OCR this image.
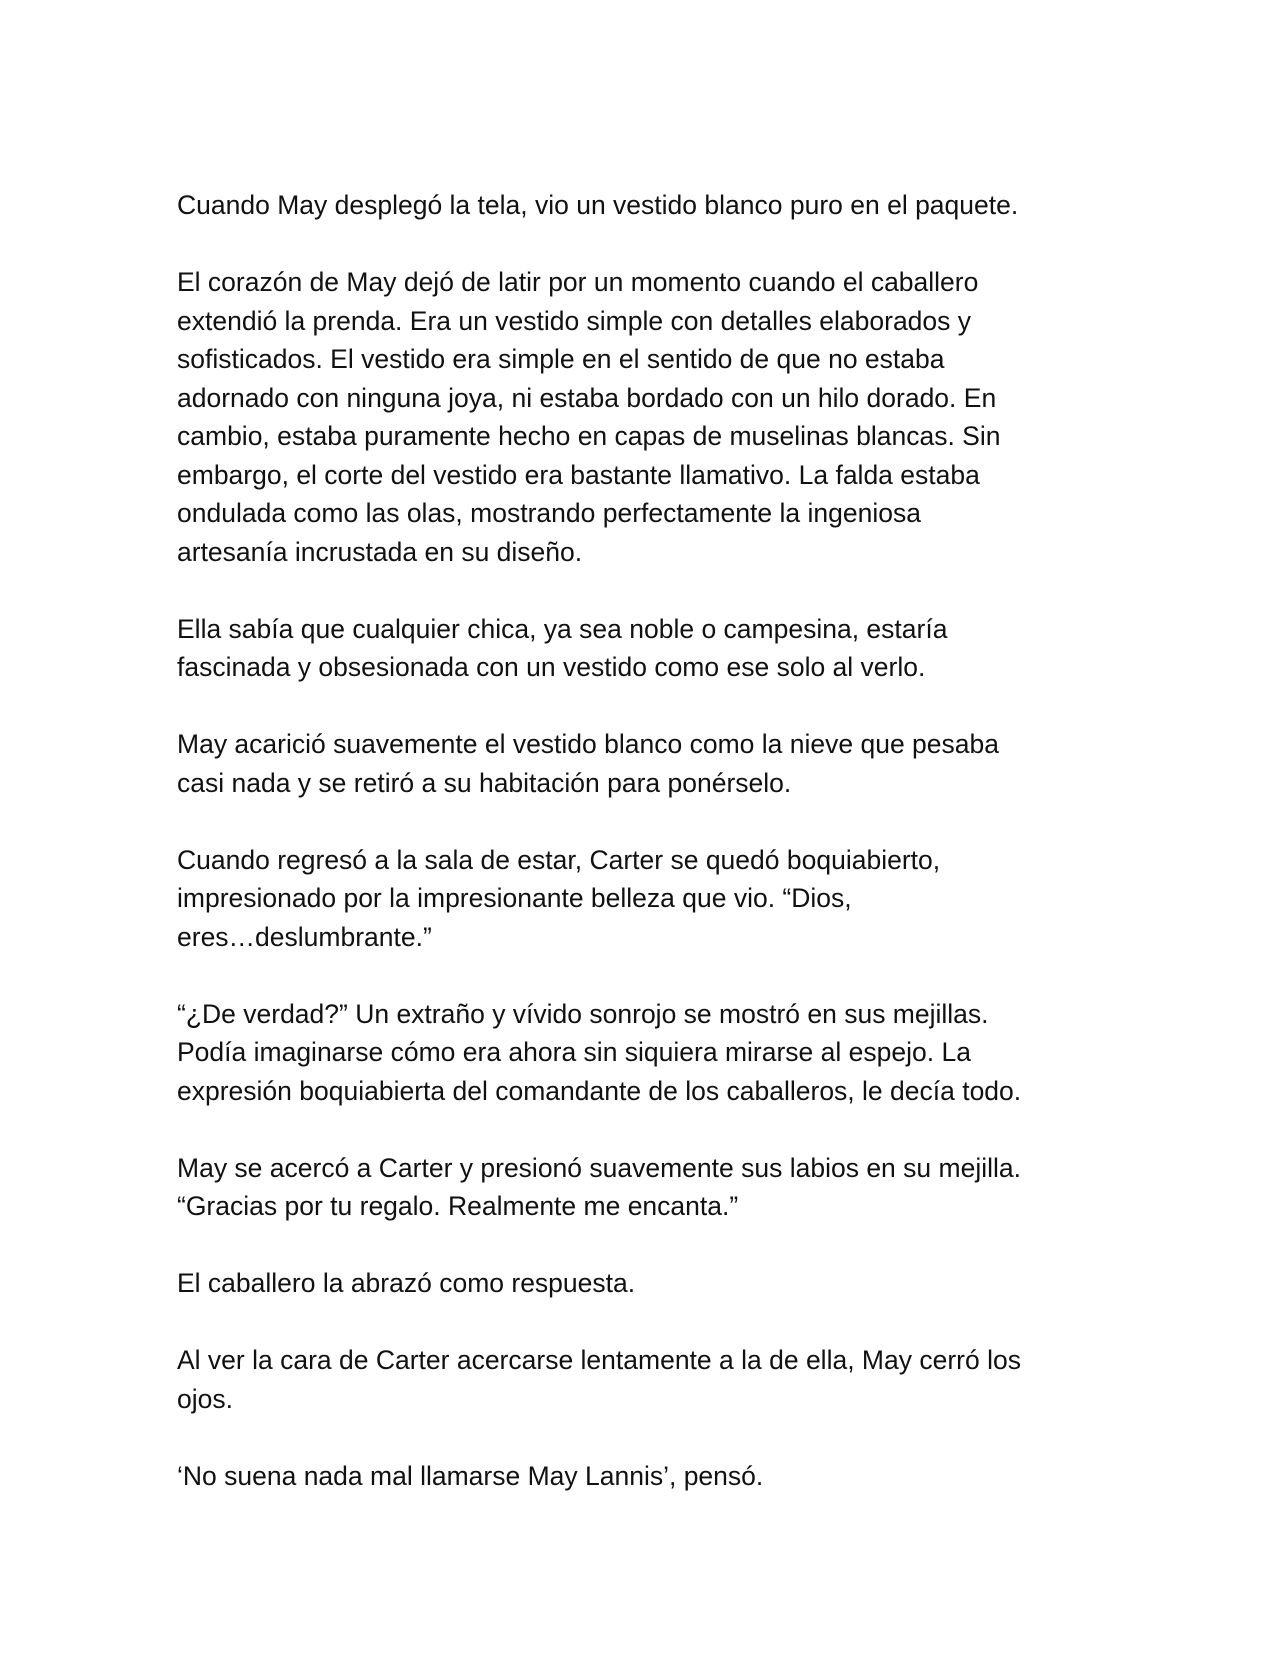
Cuando May desplegó la tela, vio un vestido blanco puro en el paquete.

El corazón de May dejó de latir por un momento cuando el caballero
extendió la prenda. Era un vestido simple con detalles elaborados y
sofisticados. El vestido era simple en el sentido de que no estaba
adornado con ninguna joya, ni estaba bordado con un hilo dorado. En
cambio, estaba puramente hecho en capas de muselinas blancas. Sin
embargo, el corte del vestido era bastante llamativo. La falda estaba
ondulada como las olas, mostrando perfectamente la ingeniosa
artesanía incrustada en su diseño.

Ella sabía que cualquier chica, ya sea noble o campesina, estaría
fascinada y obsesionada con un vestido como ese solo al verlo.

May acarició suavemente el vestido blanco como la nieve que pesaba
casi nada y se retiró a su habitación para ponérselo.

Cuando regresó a la sala de estar, Carter se quedó boquiabierto,
impresionado por la impresionante belleza que vio. “Dios,
eres…deslumbrante.”

“¿De verdad?” Un extraño y vívido sonrojo se mostró en sus mejillas.
Podía imaginarse cómo era ahora sin siquiera mirarse al espejo. La
expresión boquiabierta del comandante de los caballeros, le decía todo.

May se acercó a Carter y presionó suavemente sus labios en su mejilla.
“Gracias por tu regalo. Realmente me encanta.”

El caballero la abrazó como respuesta.

Al ver la cara de Carter acercarse lentamente a la de ella, May cerró los
ojos.

‘No suena nada mal llamarse May Lannis’, pensó.
